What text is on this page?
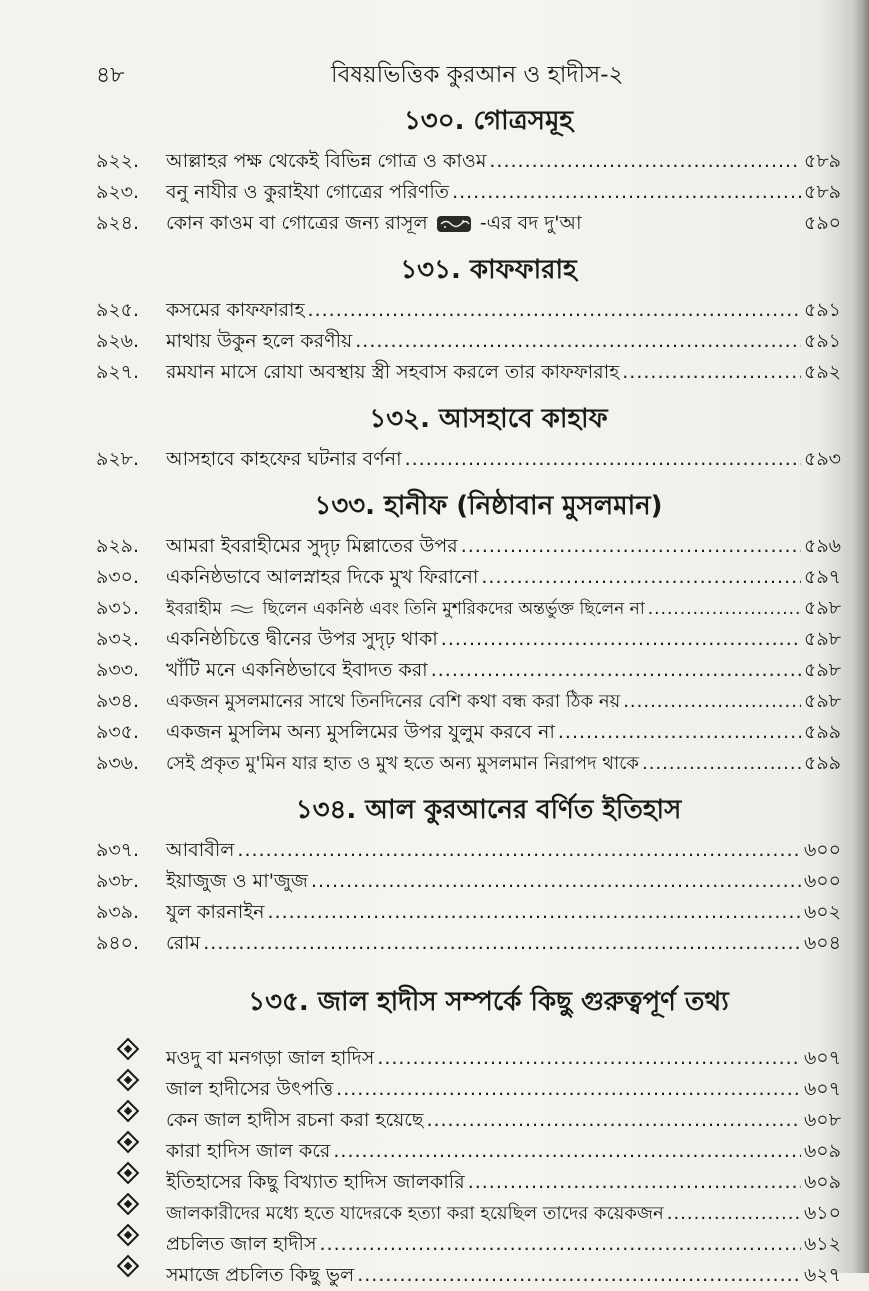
৪৮	বিষয়ভিত্তিক কুরআন ও হাদীস-২
১৩০. গোত্রসমূহ
৯২২.	আল্লাহর পক্ষ থেকেই বিভিন্ন গোত্র ও কাওম .....	৫৮৯
৯২৩.	বনু নাযীর ও কুরাইযা গোত্রের পরিণতি .....	৫৮৯
৯২৪.	কোন কাওম বা গোত্রের জন্য রাসূল	-এর বদ দু'আ	৫৯০
১৩১. কাফফারাহ
৯২৫.	কসমের কাফফারাহ .....	৫৯১
৯২৬.	মাথায় উকুন হলে করণীয় .....	৫৯১
৯২৭.	রমযান মাসে রোযা অবস্থায় স্ত্রী সহবাস করলে তার কাফফারাহ .....	৫৯২
১৩২. আসহাবে কাহাফ
৯২৮.	আসহাবে কাহফের ঘটনার বর্ণনা .....	৫৯৩
১৩৩. হানীফ (নিষ্ঠাবান মুসলমান)
৯২৯.	আমরা ইবরাহীমের সুদৃঢ় মিল্লাতের উপর .....	৫৯৬
৯৩০.	একনিষ্ঠভাবে আলস্নাহর দিকে মুখ ফিরানো .....	৫৯৭
৯৩১.	ইবরাহীম ছিলেন একনিষ্ঠ এবং তিনি মুশরিকদের অন্তর্ভুক্ত ছিলেন না .....	৫৯৮
৯৩২.	একনিষ্ঠচিত্তে দ্বীনের উপর সুদৃঢ় থাকা .....	৫৯৮
৯৩৩.	খাঁটি মনে একনিষ্ঠভাবে ইবাদত করা .....	৫৯৮
৯৩৪.	একজন মুসলমানের সাথে তিনদিনের বেশি কথা বন্ধ করা ঠিক নয় .....	৫৯৮
৯৩৫.	একজন মুসলিম অন্য মুসলিমের উপর যুলুম করবে না .....	৫৯৯
৯৩৬.	সেই প্রকৃত মু'মিন যার হাত ও মুখ হতে অন্য মুসলমান নিরাপদ থাকে .....	৫৯৯
১৩৪. আল কুরআনের বর্ণিত ইতিহাস
৯৩৭.	আবাবীল .....	৬০০
৯৩৮.	ইয়াজুজ ও মা'জুজ .....	৬০০
৯৩৯.	যুল কারনাইন .....	৬০২
৯৪০.	রোম .....	৬০৪
১৩৫. জাল হাদীস সম্পর্কে কিছু গুরুত্বপূর্ণ তথ্য
মওদু বা মনগড়া জাল হাদিস .....	৬০৭
জাল হাদীসের উৎপত্তি .....	৬০৭
কেন জাল হাদীস রচনা করা হয়েছে .....	৬০৮
কারা হাদিস জাল করে .....	৬০৯
ইতিহাসের কিছু বিখ্যাত হাদিস জালকারি .....	৬০৯
জালকারীদের মধ্যে হতে যাদেরকে হত্যা করা হয়েছিল তাদের কয়েকজন .....	৬১০
প্রচলিত জাল হাদীস .....	৬১২
সমাজে প্রচলিত কিছু ভুল .....	৬২৭
